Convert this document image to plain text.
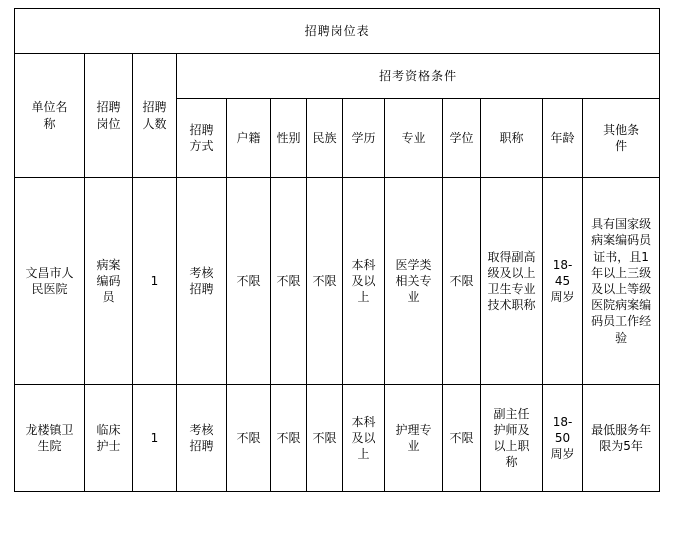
招聘岗位表												
单位名称	招聘岗位	招聘人数	招考资格条件									
			招聘方式	户籍	性别	民族	学历	专业	学位	职称	年龄	其他条件
文昌市人民医院	病案编码员	1	考核招聘	不限	不限	不限	本科及以上	医学类相关专业	不限	取得副高级及以上卫生专业技术职称	18-45周岁	具有国家级病案编码员证书，且1年以上三级及以上等级医院病案编码员工作经验
龙楼镇卫生院	临床护士	1	考核招聘	不限	不限	不限	本科及以上	护理专业	不限	副主任护师及以上职称	18-50周岁	最低服务年限为5年
